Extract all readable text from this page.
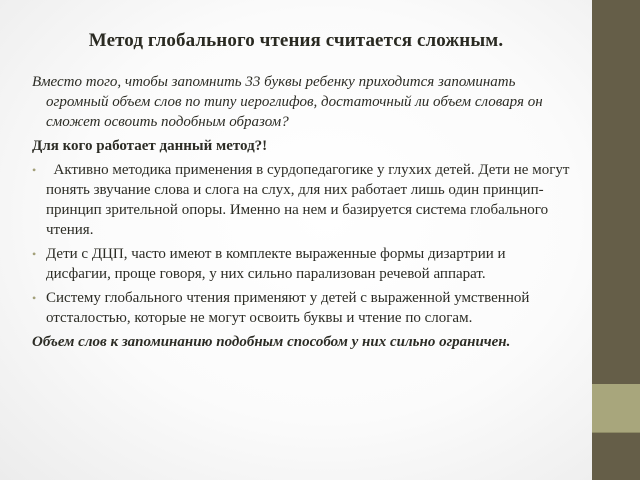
Метод глобального чтения считается сложным.

Вместо того, чтобы запомнить 33 буквы ребенку приходится запоминать огромный объем слов по типу иероглифов, достаточный ли объем словаря он сможет освоить подобным образом?

Для кого работает данный метод?!

• Активно методика применения в сурдопедагогике у глухих детей. Дети не могут понять звучание слова и слога на слух, для них работает лишь один принцип- принцип зрительной опоры. Именно на нем и базируется система глобального чтения.
• Дети с ДЦП, часто имеют в комплекте выраженные формы дизартрии и дисфагии, проще говоря, у них сильно парализован речевой аппарат.
• Систему глобального чтения применяют у детей с выраженной умственной отсталостью, которые не могут освоить буквы и чтение по слогам.

Объем слов к запоминанию подобным способом у них сильно ограничен.
